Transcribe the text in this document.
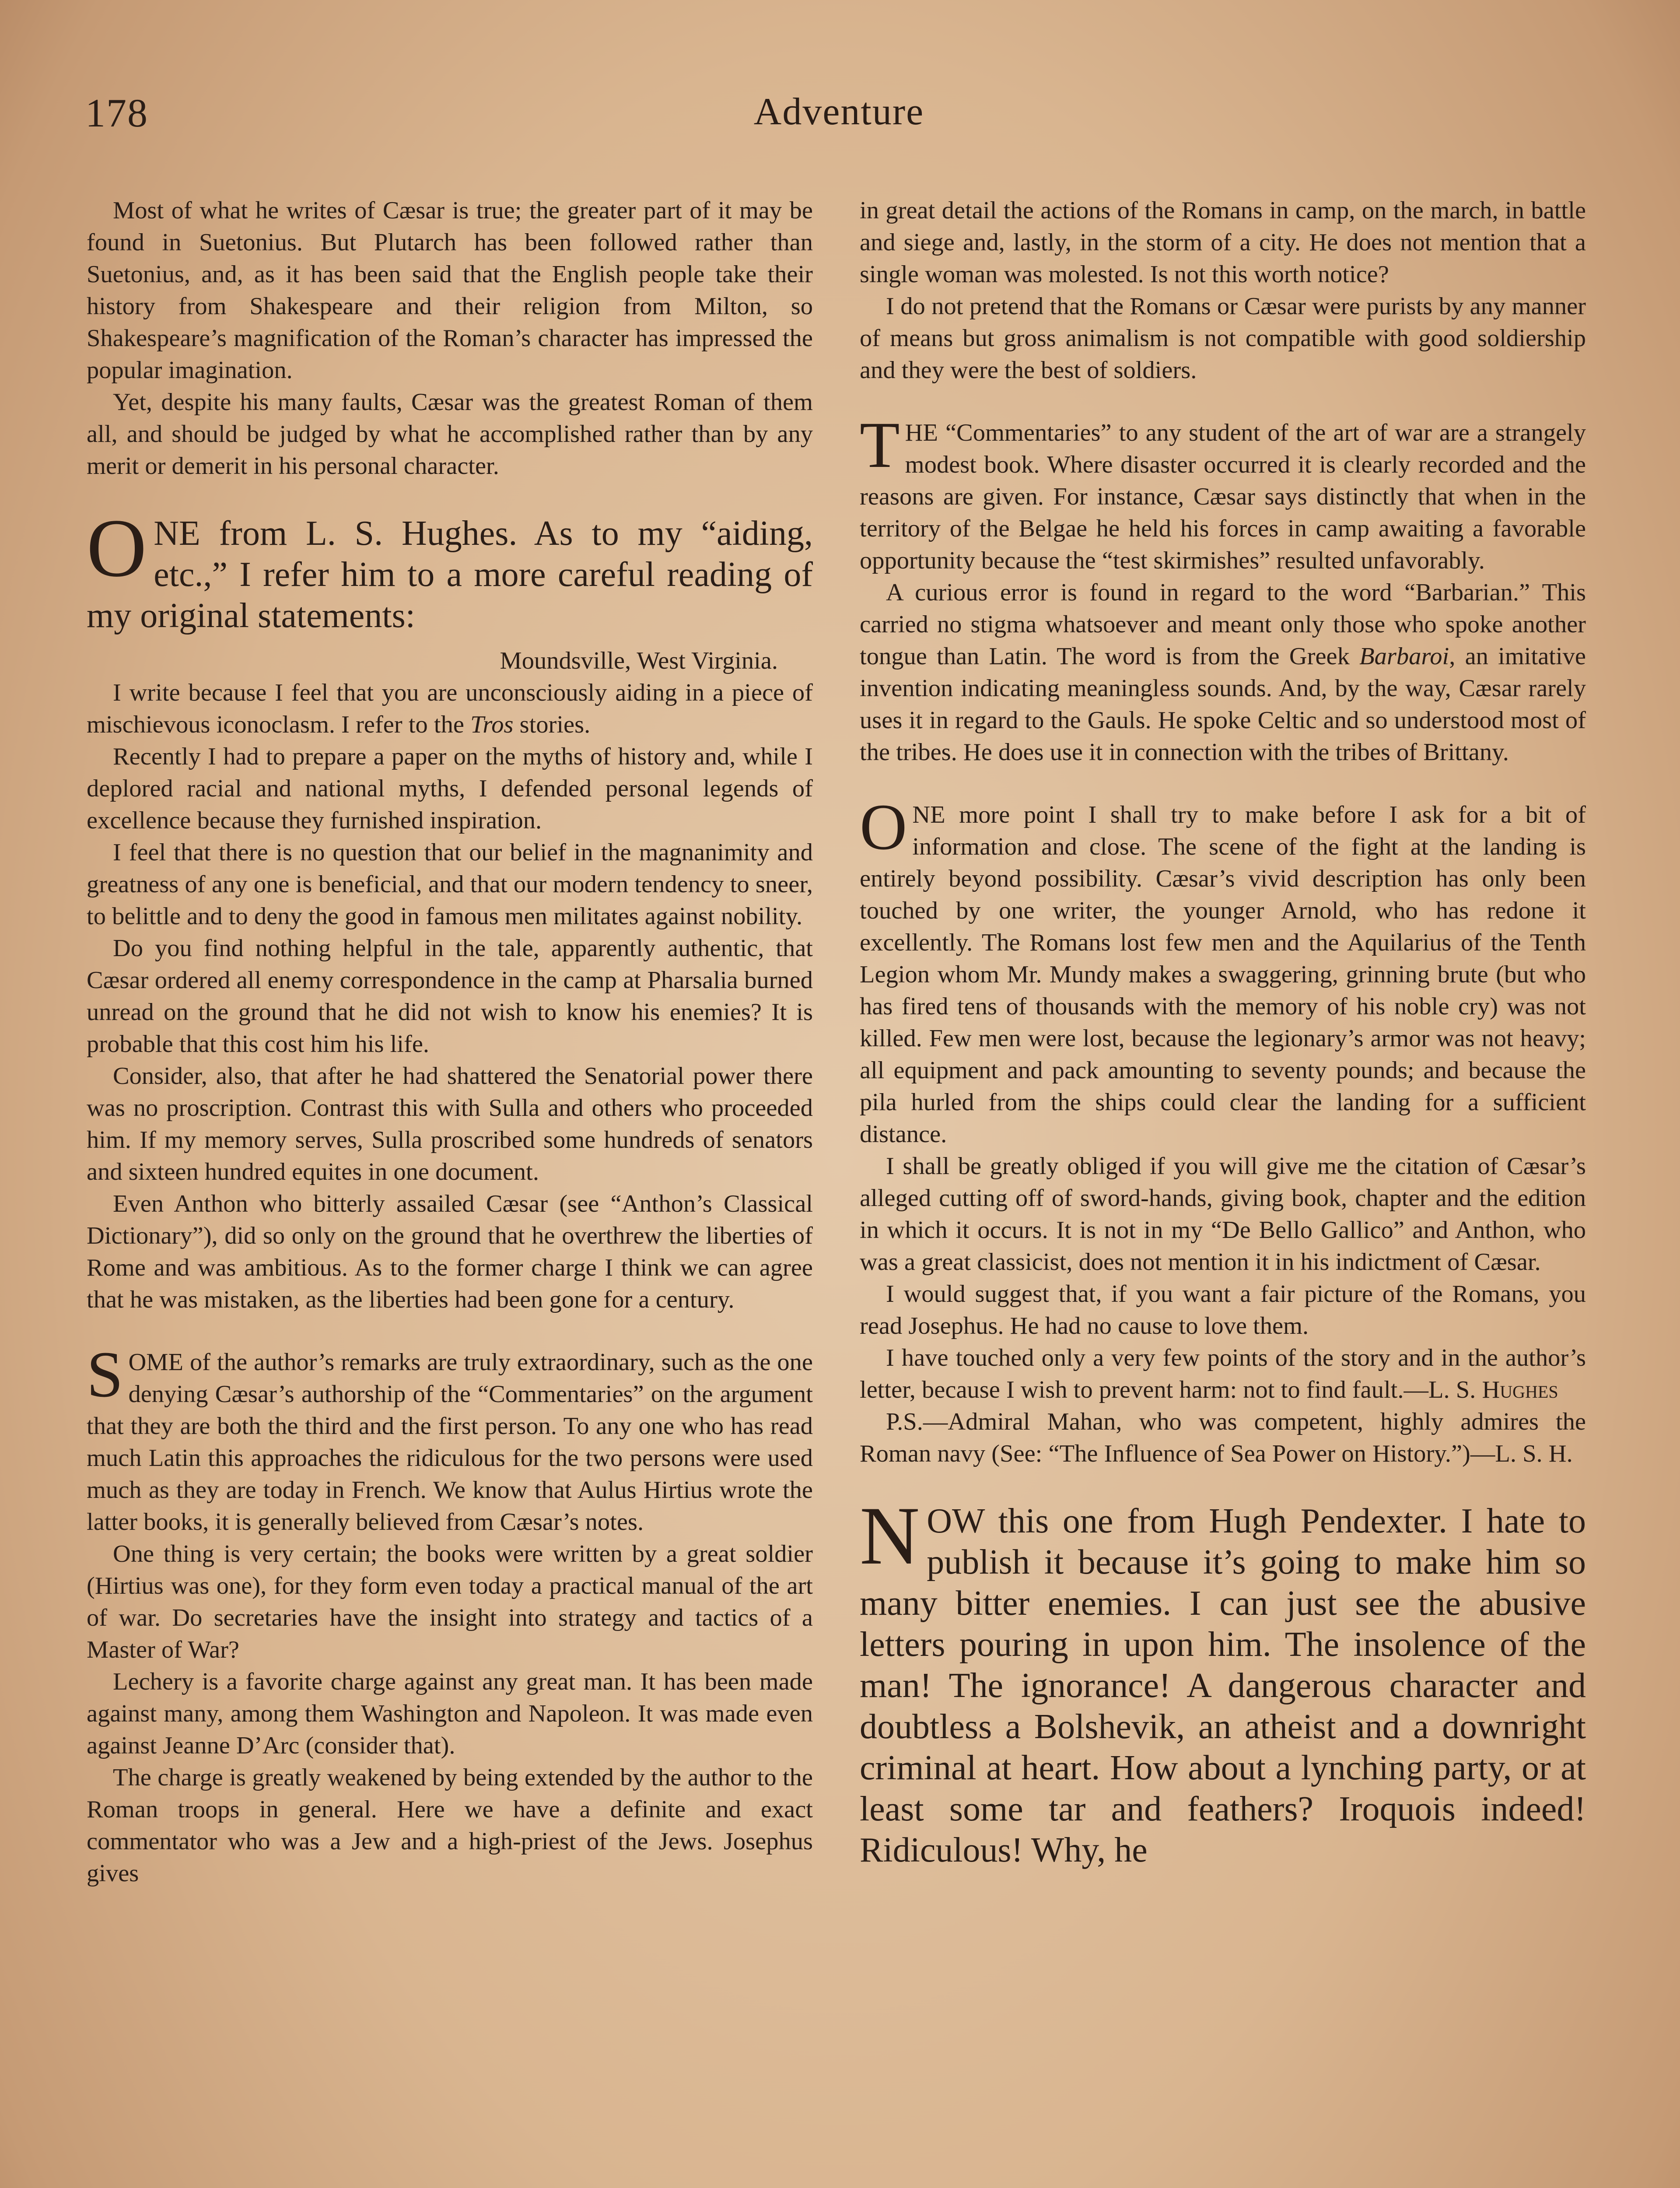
178	Adventure

Most of what he writes of Cæsar is true; the greater part of it may be found in Suetonius. But Plutarch has been followed rather than Suetonius, and, as it has been said that the English people take their history from Shakespeare and their religion from Milton, so Shakespeare’s magnification of the Roman’s character has impressed the popular imagination.

Yet, despite his many faults, Cæsar was the greatest Roman of them all, and should be judged by what he accomplished rather than by any merit or demerit in his personal character.

ONE from L. S. Hughes. As to my “aiding, etc.,” I refer him to a more careful reading of my original statements:

Moundsville, West Virginia.

I write because I feel that you are unconsciously aiding in a piece of mischievous iconoclasm. I refer to the Tros stories.

Recently I had to prepare a paper on the myths of history and, while I deplored racial and national myths, I defended personal legends of excellence because they furnished inspiration.

I feel that there is no question that our belief in the magnanimity and greatness of any one is beneficial, and that our modern tendency to sneer, to belittle and to deny the good in famous men militates against nobility.

Do you find nothing helpful in the tale, apparently authentic, that Cæsar ordered all enemy correspondence in the camp at Pharsalia burned unread on the ground that he did not wish to know his enemies? It is probable that this cost him his life.

Consider, also, that after he had shattered the Senatorial power there was no proscription. Contrast this with Sulla and others who proceeded him. If my memory serves, Sulla proscribed some hundreds of senators and sixteen hundred equites in one document.

Even Anthon who bitterly assailed Cæsar (see “Anthon’s Classical Dictionary”), did so only on the ground that he overthrew the liberties of Rome and was ambitious. As to the former charge I think we can agree that he was mistaken, as the liberties had been gone for a century.

SOME of the author’s remarks are truly extraordinary, such as the one denying Cæsar’s authorship of the “Commentaries” on the argument that they are both the third and the first person. To any one who has read much Latin this approaches the ridiculous for the two persons were used much as they are today in French. We know that Aulus Hirtius wrote the latter books, it is generally believed from Cæsar’s notes.

One thing is very certain; the books were written by a great soldier (Hirtius was one), for they form even today a practical manual of the art of war. Do secretaries have the insight into strategy and tactics of a Master of War?

Lechery is a favorite charge against any great man. It has been made against many, among them Washington and Napoleon. It was made even against Jeanne D’Arc (consider that).

The charge is greatly weakened by being extended by the author to the Roman troops in general. Here we have a definite and exact commentator who was a Jew and a high-priest of the Jews. Josephus gives

in great detail the actions of the Romans in camp, on the march, in battle and siege and, lastly, in the storm of a city. He does not mention that a single woman was molested. Is not this worth notice?

I do not pretend that the Romans or Cæsar were purists by any manner of means but gross animalism is not compatible with good soldiership and they were the best of soldiers.

THE “Commentaries” to any student of the art of war are a strangely modest book. Where disaster occurred it is clearly recorded and the reasons are given. For instance, Cæsar says distinctly that when in the territory of the Belgae he held his forces in camp awaiting a favorable opportunity because the “test skirmishes” resulted unfavorably.

A curious error is found in regard to the word “Barbarian.” This carried no stigma whatsoever and meant only those who spoke another tongue than Latin. The word is from the Greek Barbaroi, an imitative invention indicating meaningless sounds. And, by the way, Cæsar rarely uses it in regard to the Gauls. He spoke Celtic and so understood most of the tribes. He does use it in connection with the tribes of Brittany.

ONE more point I shall try to make before I ask for a bit of information and close. The scene of the fight at the landing is entirely beyond possibility. Cæsar’s vivid description has only been touched by one writer, the younger Arnold, who has redone it excellently. The Romans lost few men and the Aquilarius of the Tenth Legion whom Mr. Mundy makes a swaggering, grinning brute (but who has fired tens of thousands with the memory of his noble cry) was not killed. Few men were lost, because the legionary’s armor was not heavy; all equipment and pack amounting to seventy pounds; and because the pila hurled from the ships could clear the landing for a sufficient distance.

I shall be greatly obliged if you will give me the citation of Cæsar’s alleged cutting off of sword-hands, giving book, chapter and the edition in which it occurs. It is not in my “De Bello Gallico” and Anthon, who was a great classicist, does not mention it in his indictment of Cæsar.

I would suggest that, if you want a fair picture of the Romans, you read Josephus. He had no cause to love them.

I have touched only a very few points of the story and in the author’s letter, because I wish to prevent harm: not to find fault.—L. S. Hughes

P.S.—Admiral Mahan, who was competent, highly admires the Roman navy (See: “The Influence of Sea Power on History.”)—L. S. H.

NOW this one from Hugh Pendexter. I hate to publish it because it’s going to make him so many bitter enemies. I can just see the abusive letters pouring in upon him. The insolence of the man! The ignorance! A dangerous character and doubtless a Bolshevik, an atheist and a downright criminal at heart. How about a lynching party, or at least some tar and feathers? Iroquois indeed! Ridiculous! Why, he
